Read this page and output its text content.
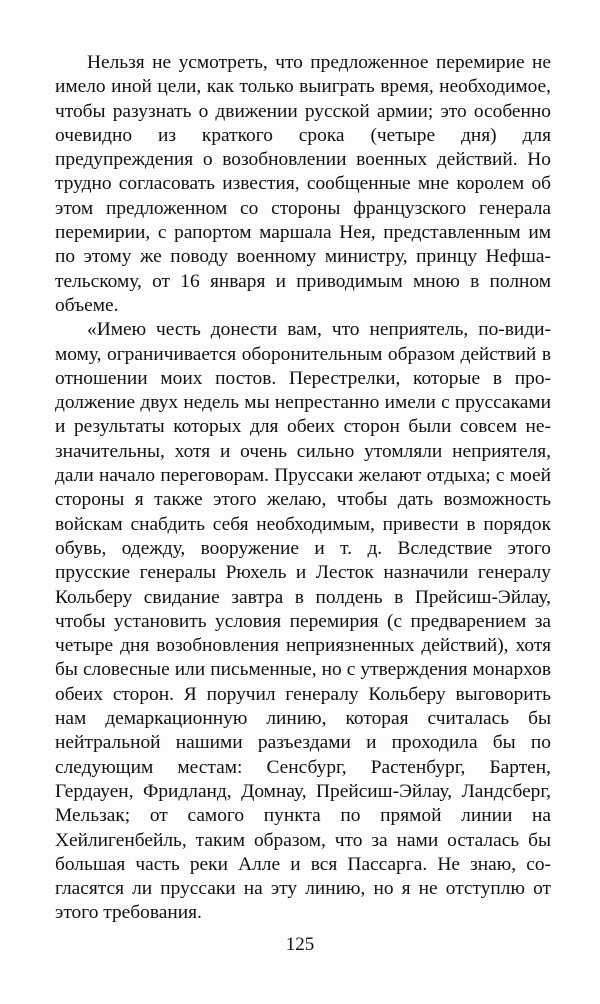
Нельзя не усмотреть, что предложенное перемирие не имело иной цели, как только выиграть время, необходимое, чтобы разузнать о движении русской армии; это особенно очевидно из краткого срока (четыре дня) для предупреждения о возобновлении военных действий. Но трудно согласовать известия, сообщенные мне королем об этом предложенном со стороны французского генерала перемирии, с рапортом маршала Нея, представленным им по этому же поводу военному министру, принцу Нефшательскому, от 16 января и приводимым мною в полном объеме.

«Имею честь донести вам, что неприятель, по-видимому, ограничивается оборонительным образом действий в отношении моих постов. Перестрелки, которые в продолжение двух недель мы непрестанно имели с пруссаками и результаты которых для обеих сторон были совсем незначительны, хотя и очень сильно утомляли неприятеля, дали начало переговорам. Пруссаки желают отдыха; с моей стороны я также этого желаю, чтобы дать возможность войскам снабдить себя необходимым, привести в порядок обувь, одежду, вооружение и т. д. Вследствие этого прусские генералы Рюхель и Лесток назначили генералу Кольберу свидание завтра в полдень в Прейсиш-Эйлау, чтобы установить условия перемирия (с предварением за четыре дня возобновления неприязненных действий), хотя бы словесные или письменные, но с утверждения монархов обеих сторон. Я поручил генералу Кольберу выговорить нам демаркационную линию, которая считалась бы нейтральной нашими разъездами и проходила бы по следующим местам: Сенсбург, Растенбург, Бартен, Гердауен, Фридланд, Домнау, Прейсиш-Эйлау, Ландсберг, Мельзак; от самого пункта по прямой линии на Хейлигенбейль, таким образом, что за нами осталась бы большая часть реки Алле и вся Пассарга. Не знаю, согласятся ли пруссаки на эту линию, но я не отступлю от этого требования.

125
